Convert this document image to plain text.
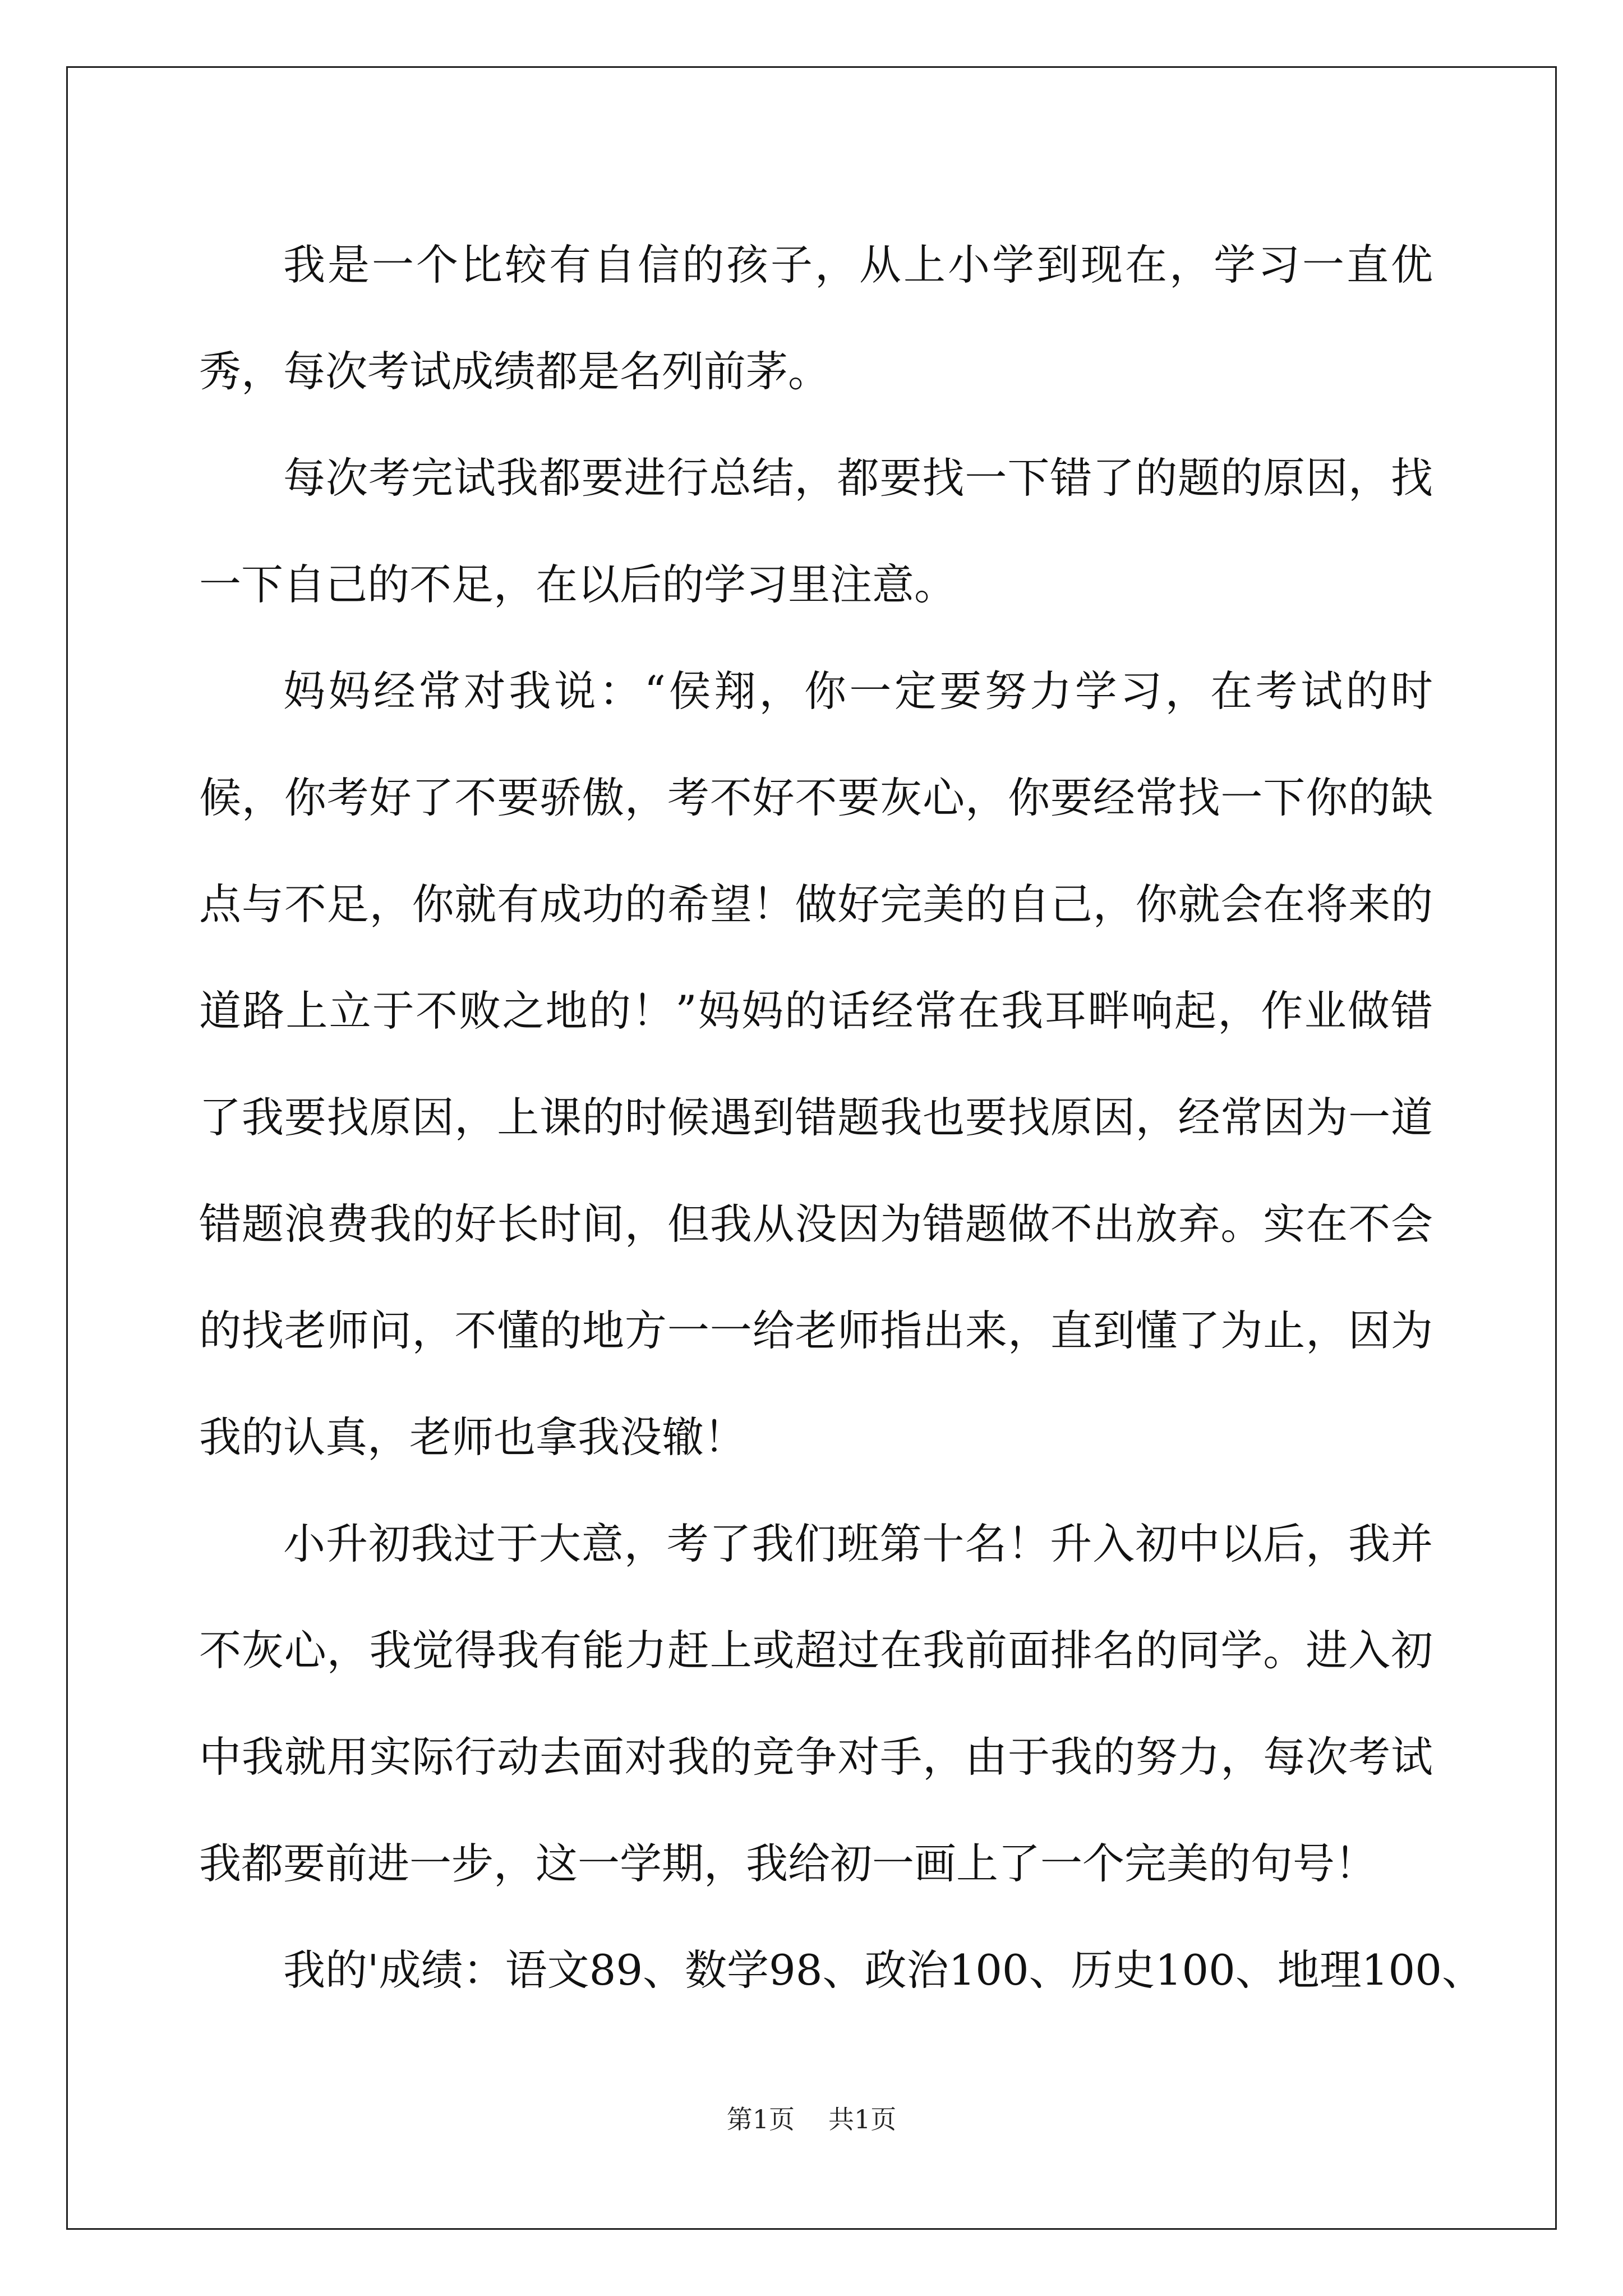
我是一个比较有自信的孩子，从上小学到现在，学习一直优秀，每次考试成绩都是名列前茅。

每次考完试我都要进行总结，都要找一下错了的题的原因，找一下自己的不足，在以后的学习里注意。

妈妈经常对我说：“侯翔，你一定要努力学习，在考试的时候，你考好了不要骄傲，考不好不要灰心，你要经常找一下你的缺点与不足，你就有成功的希望！做好完美的自己，你就会在将来的道路上立于不败之地的！”妈妈的话经常在我耳畔响起，作业做错了我要找原因，上课的时候遇到错题我也要找原因，经常因为一道错题浪费我的好长时间，但我从没因为错题做不出放弃。实在不会的找老师问，不懂的地方一一给老师指出来，直到懂了为止，因为我的认真，老师也拿我没辙！

小升初我过于大意，考了我们班第十名！升入初中以后，我并不灰心，我觉得我有能力赶上或超过在我前面排名的同学。进入初中我就用实际行动去面对我的竞争对手，由于我的努力，每次考试我都要前进一步，这一学期，我给初一画上了一个完美的句号！

我的'成绩：语文89、数学98、政治100、历史100、地理100、

第1页 共1页
